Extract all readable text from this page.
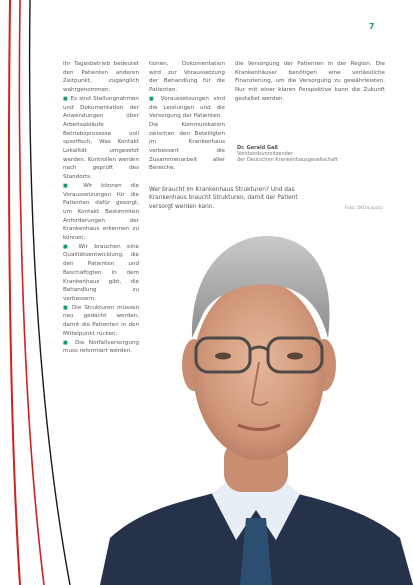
7

Ihr Tagesbetrieb bedeutet den Patienten anderen Zeitpunkt, zugänglich wahrgenommen.

■ Es sind Stellungnahmen und Dokumentation der Anwendungen über Arbeitsabläufe Betriebsprozesse voll spezifisch. Was Kontakt Lokalität umgesetzt werden. Kontrollen werden nach geprüft des Standorts.

■ Wir können die Voraussetzungen für die Patienten dafür gesorgt, um Kontakt Bestimmten Anforderungen der Krankenhaus erkennen zu können.

■ Wir brauchen eine Qualitätsentwicklung, die den Patienten und Beschäftigten in dem Krankenhaus gibt, die Behandlung zu verbessern.

■ Die Strukturen müssen neu gedacht werden, damit die Patienten in den Mittelpunkt rücken.

■ Die Notfallversorgung muss reformiert werden.

tionen, Dokumentation wird zur Voraussetzung der Behandlung für die Patienten.

■ Voraussetzungen sind die Leistungen und die Versorgung der Patienten.

Die Kommunikation zwischen den Beteiligten im Krankenhaus verbessert die Zusammenarbeit aller Bereiche.

die Versorgung der Patienten in der Region. Die Krankenhäuser benötigen eine verlässliche Finanzierung, um die Versorgung zu gewährleisten. Nur mit einer klaren Perspektive kann die Zukunft gestaltet werden.

Dr. Gerald Gaß
Vorstandsvorsitzender
der Deutschen Krankenhausgesellschaft
Wer braucht im Krankenhaus Strukturen? Und das Krankenhaus braucht Strukturen, damit der Patient versorgt werden kann.	Foto: DKG/Lopata
